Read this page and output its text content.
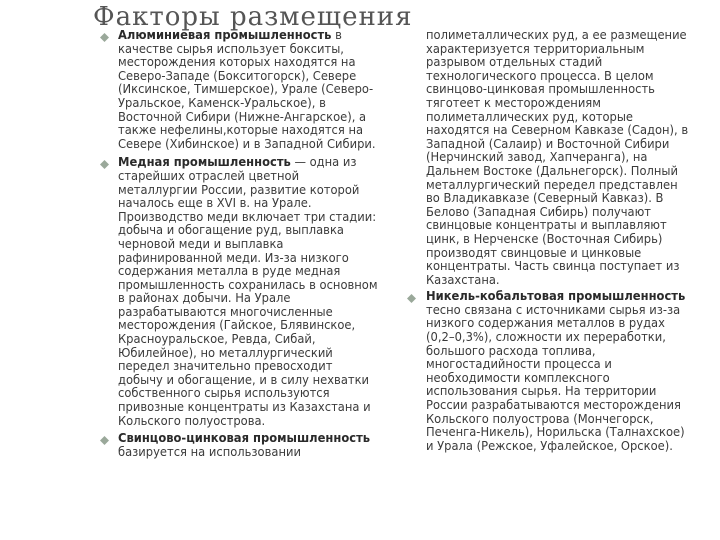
Факторы размещения
Алюминиевая промышленность в качестве сырья использует бокситы, месторождения которых находятся на Северо-Западе (Бокситогорск), Севере (Иксинское, Тимшерское), Урале (Северо-Уральское, Каменск-Уральское), в Восточной Сибири (Нижне-Ангарское), а также нефелины,которые находятся на Севере (Хибинское) и в Западной Сибири.
Медная промышленность — одна из старейших отраслей цветной металлургии России, развитие которой началось еще в XVI в. на Урале. Производство меди включает три стадии: добыча и обогащение руд, выплавка черновой меди и выплавка рафинированной меди. Из-за низкого содержания металла в руде медная промышленность сохранилась в основном в районах добычи. На Урале разрабатываются многочисленные месторождения (Гайское, Блявинское, Красноуральское, Ревда, Сибай, Юбилейное), но металлургический передел значительно превосходит добычу и обогащение, и в силу нехватки собственного сырья используются привозные концентраты из Казахстана и Кольского полуострова.
Свинцово-цинковая промышленность базируется на использовании
полиметаллических руд, а ее размещение характеризуется территориальным разрывом отдельных стадий технологического процесса. В целом свинцово-цинковая промышленность тяготеет к месторождениям полиметаллических руд, которые находятся на Северном Кавказе (Садон), в Западной (Салаир) и Восточной Сибири (Нерчинский завод, Хапчеранга), на Дальнем Востоке (Дальнегорск). Полный металлургический передел представлен во Владикавказе (Северный Кавказ). В Белово (Западная Сибирь) получают свинцовые концентраты и выплавляют цинк, в Нерченске (Восточная Сибирь) производят свинцовые и цинковые концентраты. Часть свинца поступает из Казахстана.
Никель-кобальтовая промышленность тесно связана с источниками сырья из-за низкого содержания металлов в рудах (0,2–0,3%), сложности их переработки, большого расхода топлива, многостадийности процесса и необходимости комплексного использования сырья. На территории России разрабатываются месторождения Кольского полуострова (Мончегорск, Печенга-Никель), Норильска (Талнахское) и Урала (Режское, Уфалейское, Орское).
